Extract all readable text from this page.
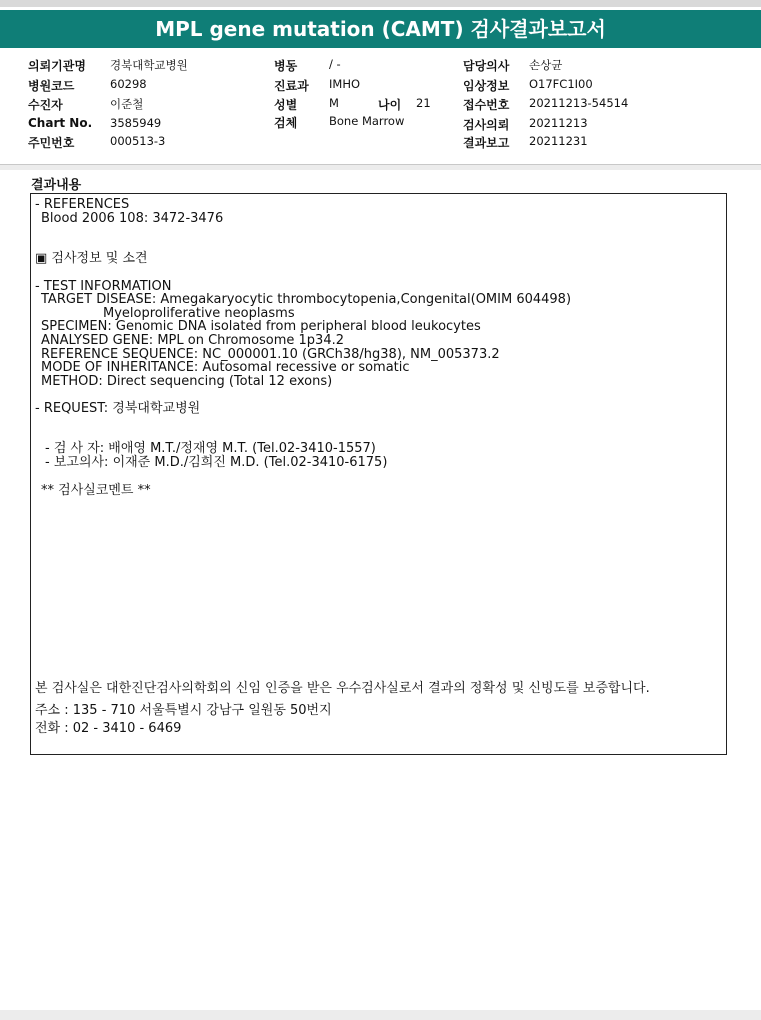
MPL gene mutation (CAMT) 검사결과보고서
의뢰기관명 경북대학교병원
병원코드	60298
수진자	이준철
Chart No. 3585949
주민번호	000513-3
병동	/ -
진료과 IMHO
성별	M	나이 21
검체	Bone Marrow
담당의사 손상균
임상정보 O17FC1I00
접수번호 20211213-54514
검사의뢰 20211213
결과보고 20211231
결과내용
- REFERENCES
Blood 2006 108: 3472-3476
▣ 검사정보 및 소견
- TEST INFORMATION
TARGET DISEASE: Amegakaryocytic thrombocytopenia,Congenital(OMIM 604498)
Myeloproliferative neoplasms
SPECIMEN: Genomic DNA isolated from peripheral blood leukocytes
ANALYSED GENE: MPL on Chromosome 1p34.2
REFERENCE SEQUENCE: NC_000001.10 (GRCh38/hg38), NM_005373.2
MODE OF INHERITANCE: Autosomal recessive or somatic
METHOD: Direct sequencing (Total 12 exons)
- REQUEST: 경북대학교병원
- 검 사 자: 배애영 M.T./정재영 M.T. (Tel.02-3410-1557)
- 보고의사: 이재준 M.D./김희진 M.D. (Tel.02-3410-6175)
** 검사실코멘트 **
본 검사실은 대한진단검사의학회의 신임 인증을 받은 우수검사실로서 결과의 정확성 및 신빙도를 보증합니다.
주소 : 135 - 710 서울특별시 강남구 일원동 50번지
전화 : 02 - 3410 - 6469
